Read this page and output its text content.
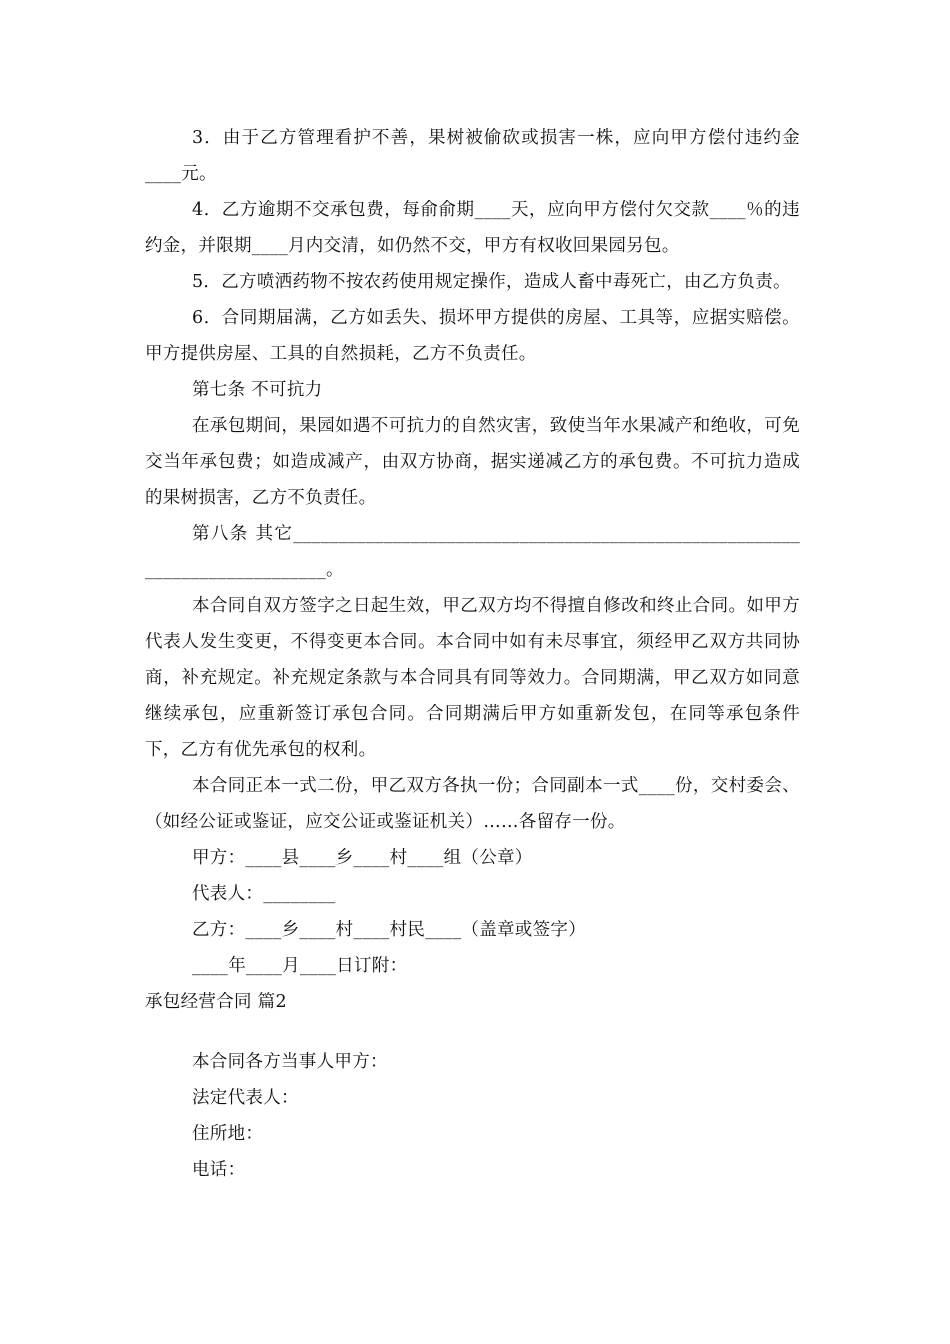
3．由于乙方管理看护不善，果树被偷砍或损害一株，应向甲方偿付违约金____元。

4．乙方逾期不交承包费，每俞俞期____天，应向甲方偿付欠交款____％的违约金，并限期____月内交清，如仍然不交，甲方有权收回果园另包。

5．乙方喷洒药物不按农药使用规定操作，造成人畜中毒死亡，由乙方负责。

6．合同期届满，乙方如丢失、损坏甲方提供的房屋、工具等，应据实赔偿。甲方提供房屋、工具的自然损耗，乙方不负责任。

第七条 不可抗力

在承包期间，果园如遇不可抗力的自然灾害，致使当年水果减产和绝收，可免交当年承包费；如造成减产，由双方协商，据实递减乙方的承包费。不可抗力造成的果树损害，乙方不负责任。

第八条 其它____________________________________________________________________________。

本合同自双方签字之日起生效，甲乙双方均不得擅自修改和终止合同。如甲方代表人发生变更，不得变更本合同。本合同中如有未尽事宜，须经甲乙双方共同协商，补充规定。补充规定条款与本合同具有同等效力。合同期满，甲乙双方如同意继续承包，应重新签订承包合同。合同期满后甲方如重新发包，在同等承包条件下，乙方有优先承包的权利。

本合同正本一式二份，甲乙双方各执一份；合同副本一式____份，交村委会、（如经公证或鉴证，应交公证或鉴证机关）……各留存一份。

甲方：____县____乡____村____组（公章）

代表人：________

乙方：____乡____村____村民____（盖章或签字）

____年____月____日订附：

承包经营合同 篇2

本合同各方当事人甲方：

法定代表人：

住所地：

电话：
